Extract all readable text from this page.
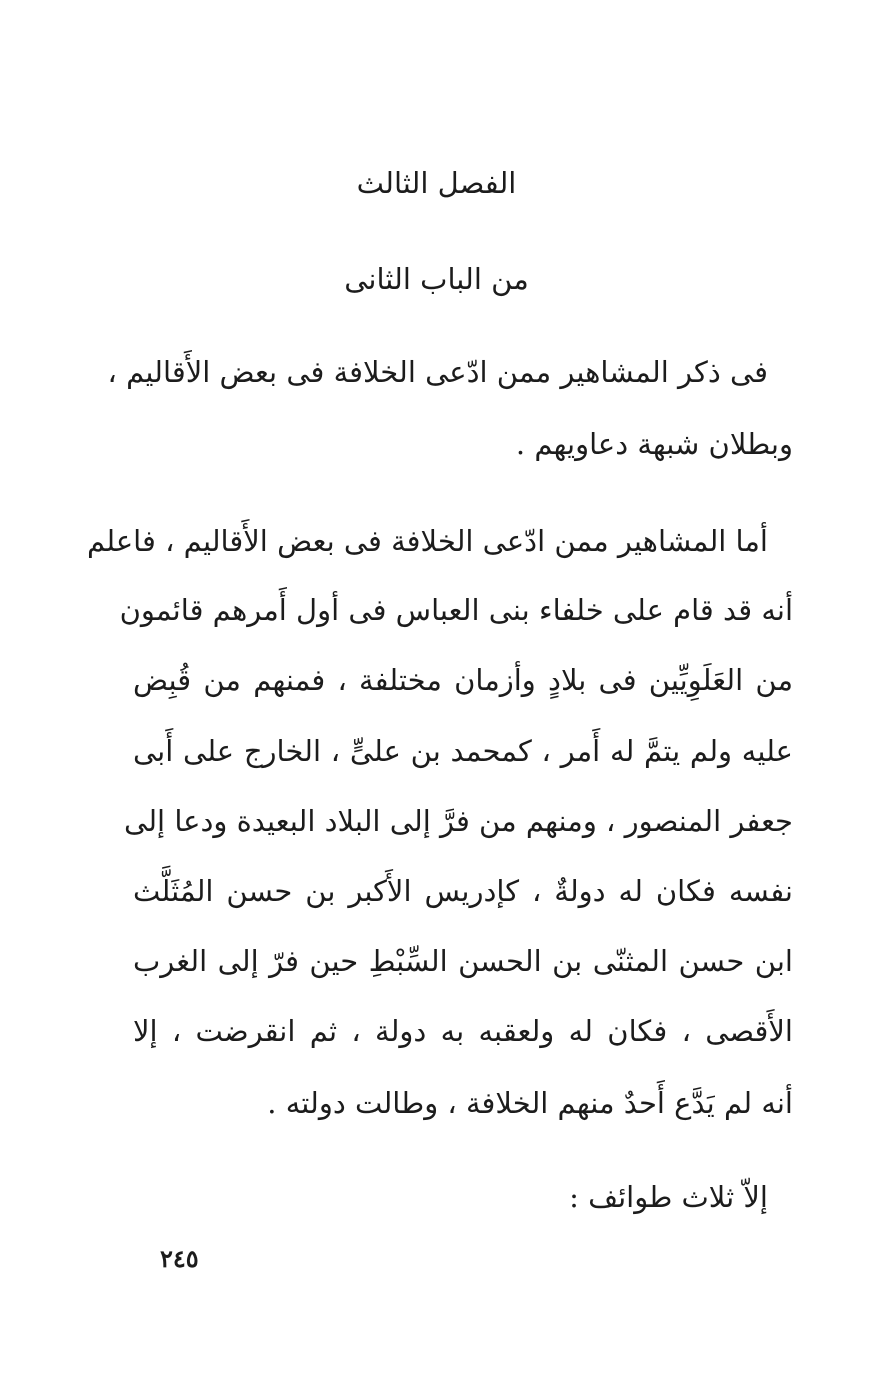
الفصل الثالث
من الباب الثانى
فى ذكر المشاهير ممن ادّعى الخلافة فى بعض الأَقاليم ،
وبطلان شبهة دعاويهم .
أما المشاهير ممن ادّعى الخلافة فى بعض الأَقاليم ، فاعلم
أنه قد قام على خلفاء بنى العباس فى أول أَمرهم قائمون
من العَلَوِيِّين فى بلادٍ وأزمان مختلفة ، فمنهم من قُبِض
عليه ولم يتمَّ له أَمر ، كمحمد بن علىٍّ ، الخارج على أَبى
جعفر المنصور ، ومنهم من فرَّ إلى البلاد البعيدة ودعا إلى
نفسه فكان له دولةٌ ، كإدريس الأَكبر بن حسن المُثَلَّث
ابن حسن المثنّى بن الحسن السِّبْطِ حين فرّ إلى الغرب
الأَقصى ، فكان له ولعقبه به دولة ، ثم انقرضت ، إلا
أنه لم يَدَّع أَحدٌ منهم الخلافة ، وطالت دولته .
إلاّ ثلاث طوائف :
٢٤٥
